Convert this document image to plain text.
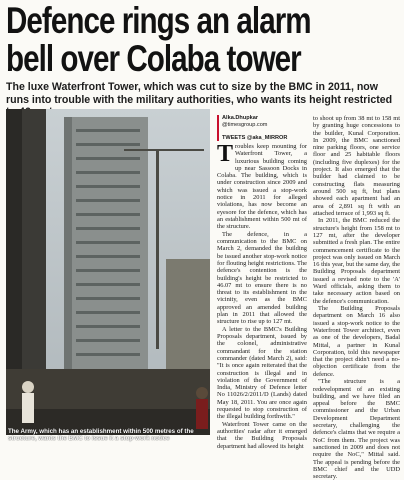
Defence rings an alarm
bell over Colaba tower
The luxe Waterfront Tower, which was cut to size by the BMC in 2011, now runs into trouble with the military authorities, who wants its height restricted
The Army, which has an establishment within 500 metres of the structure, wants the BMC to issue it a stop-work notice
Alka.Dhupkar
@timesgroup.com
TWEETS @aka_MIRROR

Troubles keep mounting for Waterfront Tower, a luxurious building coming up near Sassoon Docks in Colaba. The building, which is under construction since 2009 and which was issued a stop-work notice in 2011 for alleged violations, has now become an eyesore for the defence, which has an establishment within 500 mt of the structure.

The defence, in a communication to the BMC on March 2, demanded the building be issued another stop-work notice for flouting height restrictions. The defence's contention is the building's height be restricted to 46.07 mt to ensure there is no threat to its establishment in the vicinity, even as the BMC approved an amended building plan in 2011 that allowed the structure to rise up to 127 mt.

A letter to the BMC's Building Proposals department, issued by the colonel, administrative commandant for the station commander (dated March 2), said: "It is once again reiterated that the construction is illegal and in violation of the Government of India, Ministry of Defence letter No 11026/2/2011/D (Lands) dated May 18, 2011. You are once again requested to stop construction of the illegal building forthwith."

Waterfront Tower came on the authorities' radar after it emerged that the Building Proposals department had allowed its height

to shoot up from 38 mt to 158 mt by granting huge concessions to the builder, Kunal Corporation. In 2009, the BMC sanctioned nine parking floors, one service floor and 25 habitable floors (including five duplexes) for the project. It also emerged that the builder had claimed to be constructing flats measuring around 500 sq ft, but plans showed each apartment had an area of 2,891 sq ft with an attached terrace of 1,993 sq ft.

In 2011, the BMC reduced the structure's height from 158 mt to 127 mt, after the developer submitted a fresh plan. The entire commencement certificate to the project was only issued on March 16 this year, but the same day, the Building Proposals department issued a revised note to the 'A' Ward officials, asking them to take necessary action based on the defence's communication.

The Building Proposals department on March 16 also issued a stop-work notice to the Waterfront Tower architect, even as one of the developers, Badal Mittal, a partner in Kunal Corporation, told this newspaper that the project didn't need a no-objection certificate from the defence.

"The structure is a redevelopment of an existing building, and we have filed an appeal before the BMC commissioner and the Urban Development Department secretary, challenging the defence's claims that we require a NoC from them. The project was sanctioned in 2009 and does not require the NoC," Mittal said. The appeal is pending before the BMC chief and the UDD secretary.
